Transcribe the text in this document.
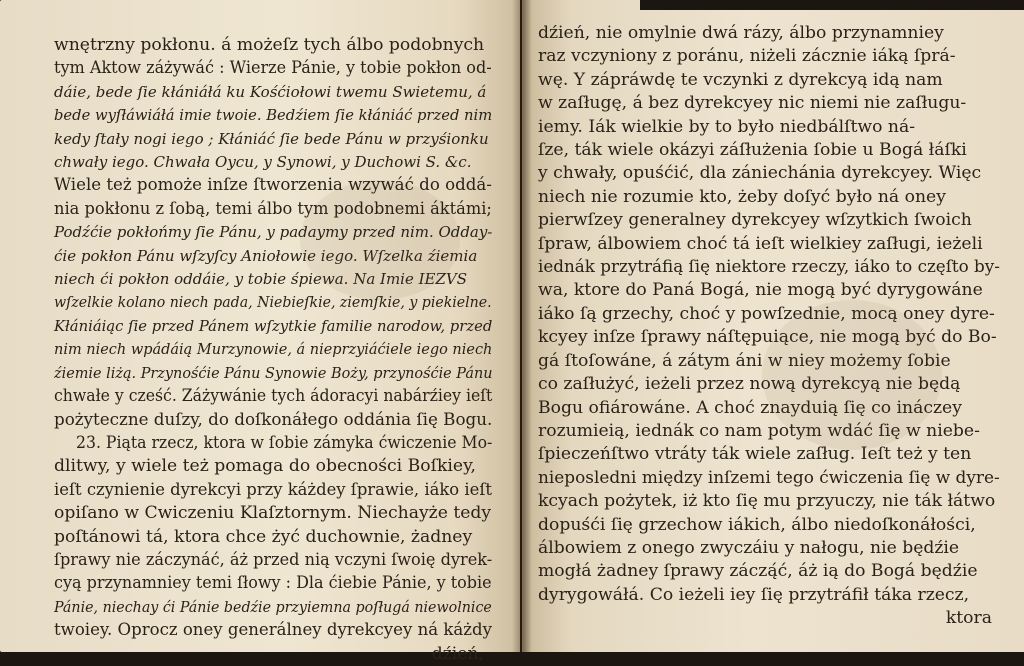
wnętrzny pokłonu. á możeſz tych álbo podobnych
tym Aktow záżywáć : Wierze Pánie, y tobie pokłon od-
dáie, bede ſie kłániáłá ku Kośćiołowi twemu Swietemu, á
bede wyſłáwiáłá imie twoie. Bedźiem ſie kłániáć przed nim
kedy ſtały nogi iego ; Kłániáć ſie bede Pánu w przyśionku
chwały iego. Chwała Oycu, y Synowi, y Duchowi S. &c.
Wiele też pomoże inſze ſtworzenia wzywáć do oddá-
nia pokłonu z ſobą, temi álbo tym podobnemi áktámi;
Podźćie pokłońmy ſie Pánu, y padaymy przed nim. Odday-
ćie pokłon Pánu wſzyſcy Aniołowie iego. Wſzelka źiemia
niech ći pokłon oddáie, y tobie śpiewa. Na Imie IEZVS
wſzelkie kolano niech pada, Niebieſkie, ziemſkie, y piekielne.
Kłániáiąc ſie przed Pánem wſzytkie familie narodow, przed
nim niech wpádáią Murzynowie, á nieprzyiáćiele iego niech
źiemie liżą. Przynośćie Pánu Synowie Boży, przynośćie Pánu
chwałe y cześć. Záżywánie tych ádoracyi nabárźiey ieſt
pożyteczne duſzy, do doſkonáłego oddánia ſię Bogu.
23. Piąta rzecz, ktora w ſobie zámyka ćwiczenie Mo-
dlitwy, y wiele też pomaga do obecności Boſkiey,
ieſt czynienie dyrekcyi przy káżdey ſprawie, iáko ieſt
opiſano w Cwiczeniu Klaſztornym. Niechayże tedy
poſtánowi tá, ktora chce żyć duchownie, żadney
ſprawy nie záczynáć, áż przed nią vczyni ſwoię dyrek-
cyą przynamniey temi ſłowy : Dla ćiebie Pánie, y tobie
Pánie, niechay ći Pánie bedźie przyiemna poſługá niewolnice
twoiey. Oprocz oney generálney dyrekcyey ná káżdy
dźień,
dźień, nie omylnie dwá rázy, álbo przynamniey
raz vczyniony z poránu, niżeli záczniе iáką ſprá-
wę. Y zápráwdę te vczynki z dyrekcyą idą nam
w zaſługę, á bez dyrekcyey nic niemi nie zaſługu-
iemy. Iák wielkie by to było niedbálſtwo ná-
ſze, ták wiele okázyi záſłużenia ſobie u Bogá łáſki
y chwały, opuśćić, dla zániechánia dyrekcyey. Więc
niech nie rozumie kto, żeby doſyć było ná oney
pierwſzey generalney dyrekcyey wſzytkich ſwoich
ſpraw, álbowiem choć tá ieſt wielkiey zaſługi, ieżeli
iednák przytráfią ſię niektore rzeczy, iáko to częſto by-
wa, ktore do Paná Bogá, nie mogą być dyrygowáne
iáko ſą grzechy, choć y powſzednie, mocą oney dyre-
kcyey inſze ſprawy náſtępuiące, nie mogą być do Bo-
gá ſtoſowáne, á zátym áni w niey możemy ſobie
co zaſłużyć, ieżeli przez nową dyrekcyą nie będą
Bogu ofiárowáne. A choć znayduią ſię co ináczey
rozumieią, iednák co nam potym wdáć ſię w niebe-
ſpieczeńſtwo vtráty ták wiele zaſług. Ieſt też y ten
nieposledni między inſzemi tego ćwiczenia ſię w dyre-
kcyach pożytek, iż kto ſię mu przyuczy, nie ták łátwo
dopuśći ſię grzechow iákich, álbo niedoſkonáłości,
álbowiem z onego zwyczáiu y nałogu, nie będźie
mogłá żadney ſprawy záczą́ć, áż ią do Bogá będźie
dyrygowáłá. Co ieżeli iey ſię przytráfił táka rzecz,
ktora
